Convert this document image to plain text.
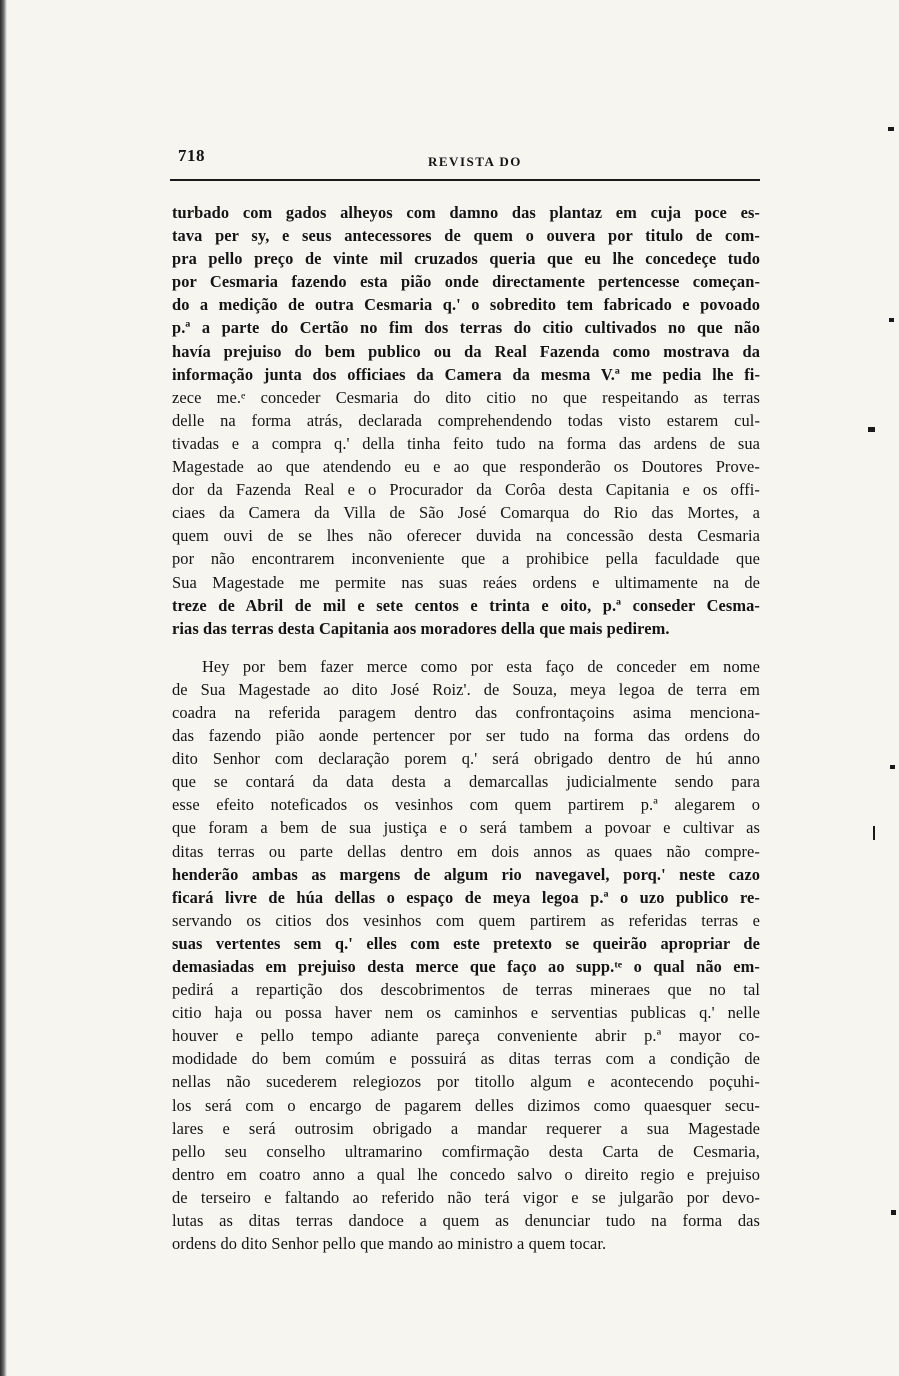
718	REVISTA DO
turbado com gados alheyos com damno das plantaz em cuja poce es-
tava per sy, e seus antecessores de quem o ouvera por titulo de com-
pra pello preço de vinte mil cruzados queria que eu lhe concedeçe tudo
por Cesmaria fazendo esta pião onde directamente pertencesse começan-
do a medição de outra Cesmaria q.' o sobredito tem fabricado e povoado
p.ª a parte do Certão no fim dos terras do citio cultivados no que não
havía prejuiso do bem publico ou da Real Fazenda como mostrava da
informação junta dos officiaes da Camera da mesma V.ª me pedia lhe fi-
zece me.ᵉ conceder Cesmaria do dito citio no que respeitando as terras
delle na forma atrás, declarada comprehendendo todas visto estarem cul-
tivadas e a compra q.' della tinha feito tudo na forma das ardens de sua
Magestade ao que atendendo eu e ao que responderão os Doutores Prove-
dor da Fazenda Real e o Procurador da Corôa desta Capitania e os offi-
ciaes da Camera da Villa de São José Comarqua do Rio das Mortes, a
quem ouvi de se lhes não oferecer duvida na concessão desta Cesmaria
por não encontrarem inconveniente que a prohibice pella faculdade que
Sua Magestade me permite nas suas reáes ordens e ultimamente na de
treze de Abril de mil e sete centos e trinta e oito, p.ª conseder Cesma-
rias das terras desta Capitania aos moradores della que mais pedirem.
Hey por bem fazer merce como por esta faço de conceder em nome
de Sua Magestade ao dito José Roiz'. de Souza, meya legoa de terra em
coadra na referida paragem dentro das confrontaçoins asima menciona-
das fazendo pião aonde pertencer por ser tudo na forma das ordens do
dito Senhor com declaração porem q.' será obrigado dentro de hú anno
que se contará da data desta a demarcallas judicialmente sendo para
esse efeito noteficados os vesinhos com quem partirem p.ª alegarem o
que foram a bem de sua justiça e o será tambem a povoar e cultivar as
ditas terras ou parte dellas dentro em dois annos as quaes não compre-
henderão ambas as margens de algum rio navegavel, porq.' neste cazo
ficará livre de húa dellas o espaço de meya legoa p.ª o uzo publico re-
servando os citios dos vesinhos com quem partirem as referidas terras e
suas vertentes sem q.' elles com este pretexto se queirão apropriar de
demasiadas em prejuiso desta merce que faço ao supp.ᵗᵉ o qual não em-
pedirá a repartição dos descobrimentos de terras mineraes que no tal
citio haja ou possa haver nem os caminhos e serventias publicas q.' nelle
houver e pello tempo adiante pareça conveniente abrir p.ª mayor co-
modidade do bem comúm e possuirá as ditas terras com a condição de
nellas não sucederem relegiozos por titollo algum e acontecendo poçuhi-
los será com o encargo de pagarem delles dizimos como quaesquer secu-
lares e será outrosim obrigado a mandar requerer a sua Magestade
pello seu conselho ultramarino comfirmação desta Carta de Cesmaria,
dentro em coatro anno a qual lhe concedo salvo o direito regio e prejuiso
de terseiro e faltando ao referido não terá vigor e se julgarão por devo-
lutas as ditas terras dandoce a quem as denunciar tudo na forma das
ordens do dito Senhor pello que mando ao ministro a quem tocar.
